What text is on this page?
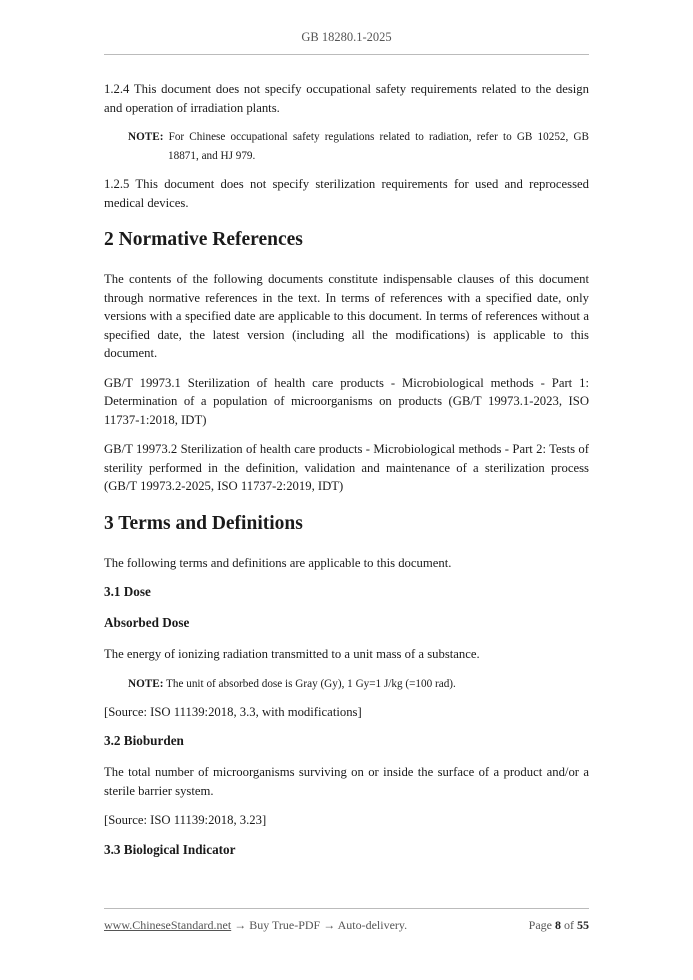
GB 18280.1-2025

1.2.4 This document does not specify occupational safety requirements related to the design and operation of irradiation plants.

NOTE: For Chinese occupational safety regulations related to radiation, refer to GB 10252, GB 18871, and HJ 979.

1.2.5 This document does not specify sterilization requirements for used and reprocessed medical devices.

2 Normative References

The contents of the following documents constitute indispensable clauses of this document through normative references in the text. In terms of references with a specified date, only versions with a specified date are applicable to this document. In terms of references without a specified date, the latest version (including all the modifications) is applicable to this document.

GB/T 19973.1 Sterilization of health care products - Microbiological methods - Part 1: Determination of a population of microorganisms on products (GB/T 19973.1-2023, ISO 11737-1:2018, IDT)

GB/T 19973.2 Sterilization of health care products - Microbiological methods - Part 2: Tests of sterility performed in the definition, validation and maintenance of a sterilization process (GB/T 19973.2-2025, ISO 11737-2:2019, IDT)

3 Terms and Definitions

The following terms and definitions are applicable to this document.

3.1 Dose
Absorbed Dose

The energy of ionizing radiation transmitted to a unit mass of a substance.

NOTE: The unit of absorbed dose is Gray (Gy), 1 Gy=1 J/kg (=100 rad).

[Source: ISO 11139:2018, 3.3, with modifications]

3.2 Bioburden

The total number of microorganisms surviving on or inside the surface of a product and/or a sterile barrier system.

[Source: ISO 11139:2018, 3.23]

3.3 Biological Indicator
www.ChineseStandard.net → Buy True-PDF → Auto-delivery.	Page 8 of 55
